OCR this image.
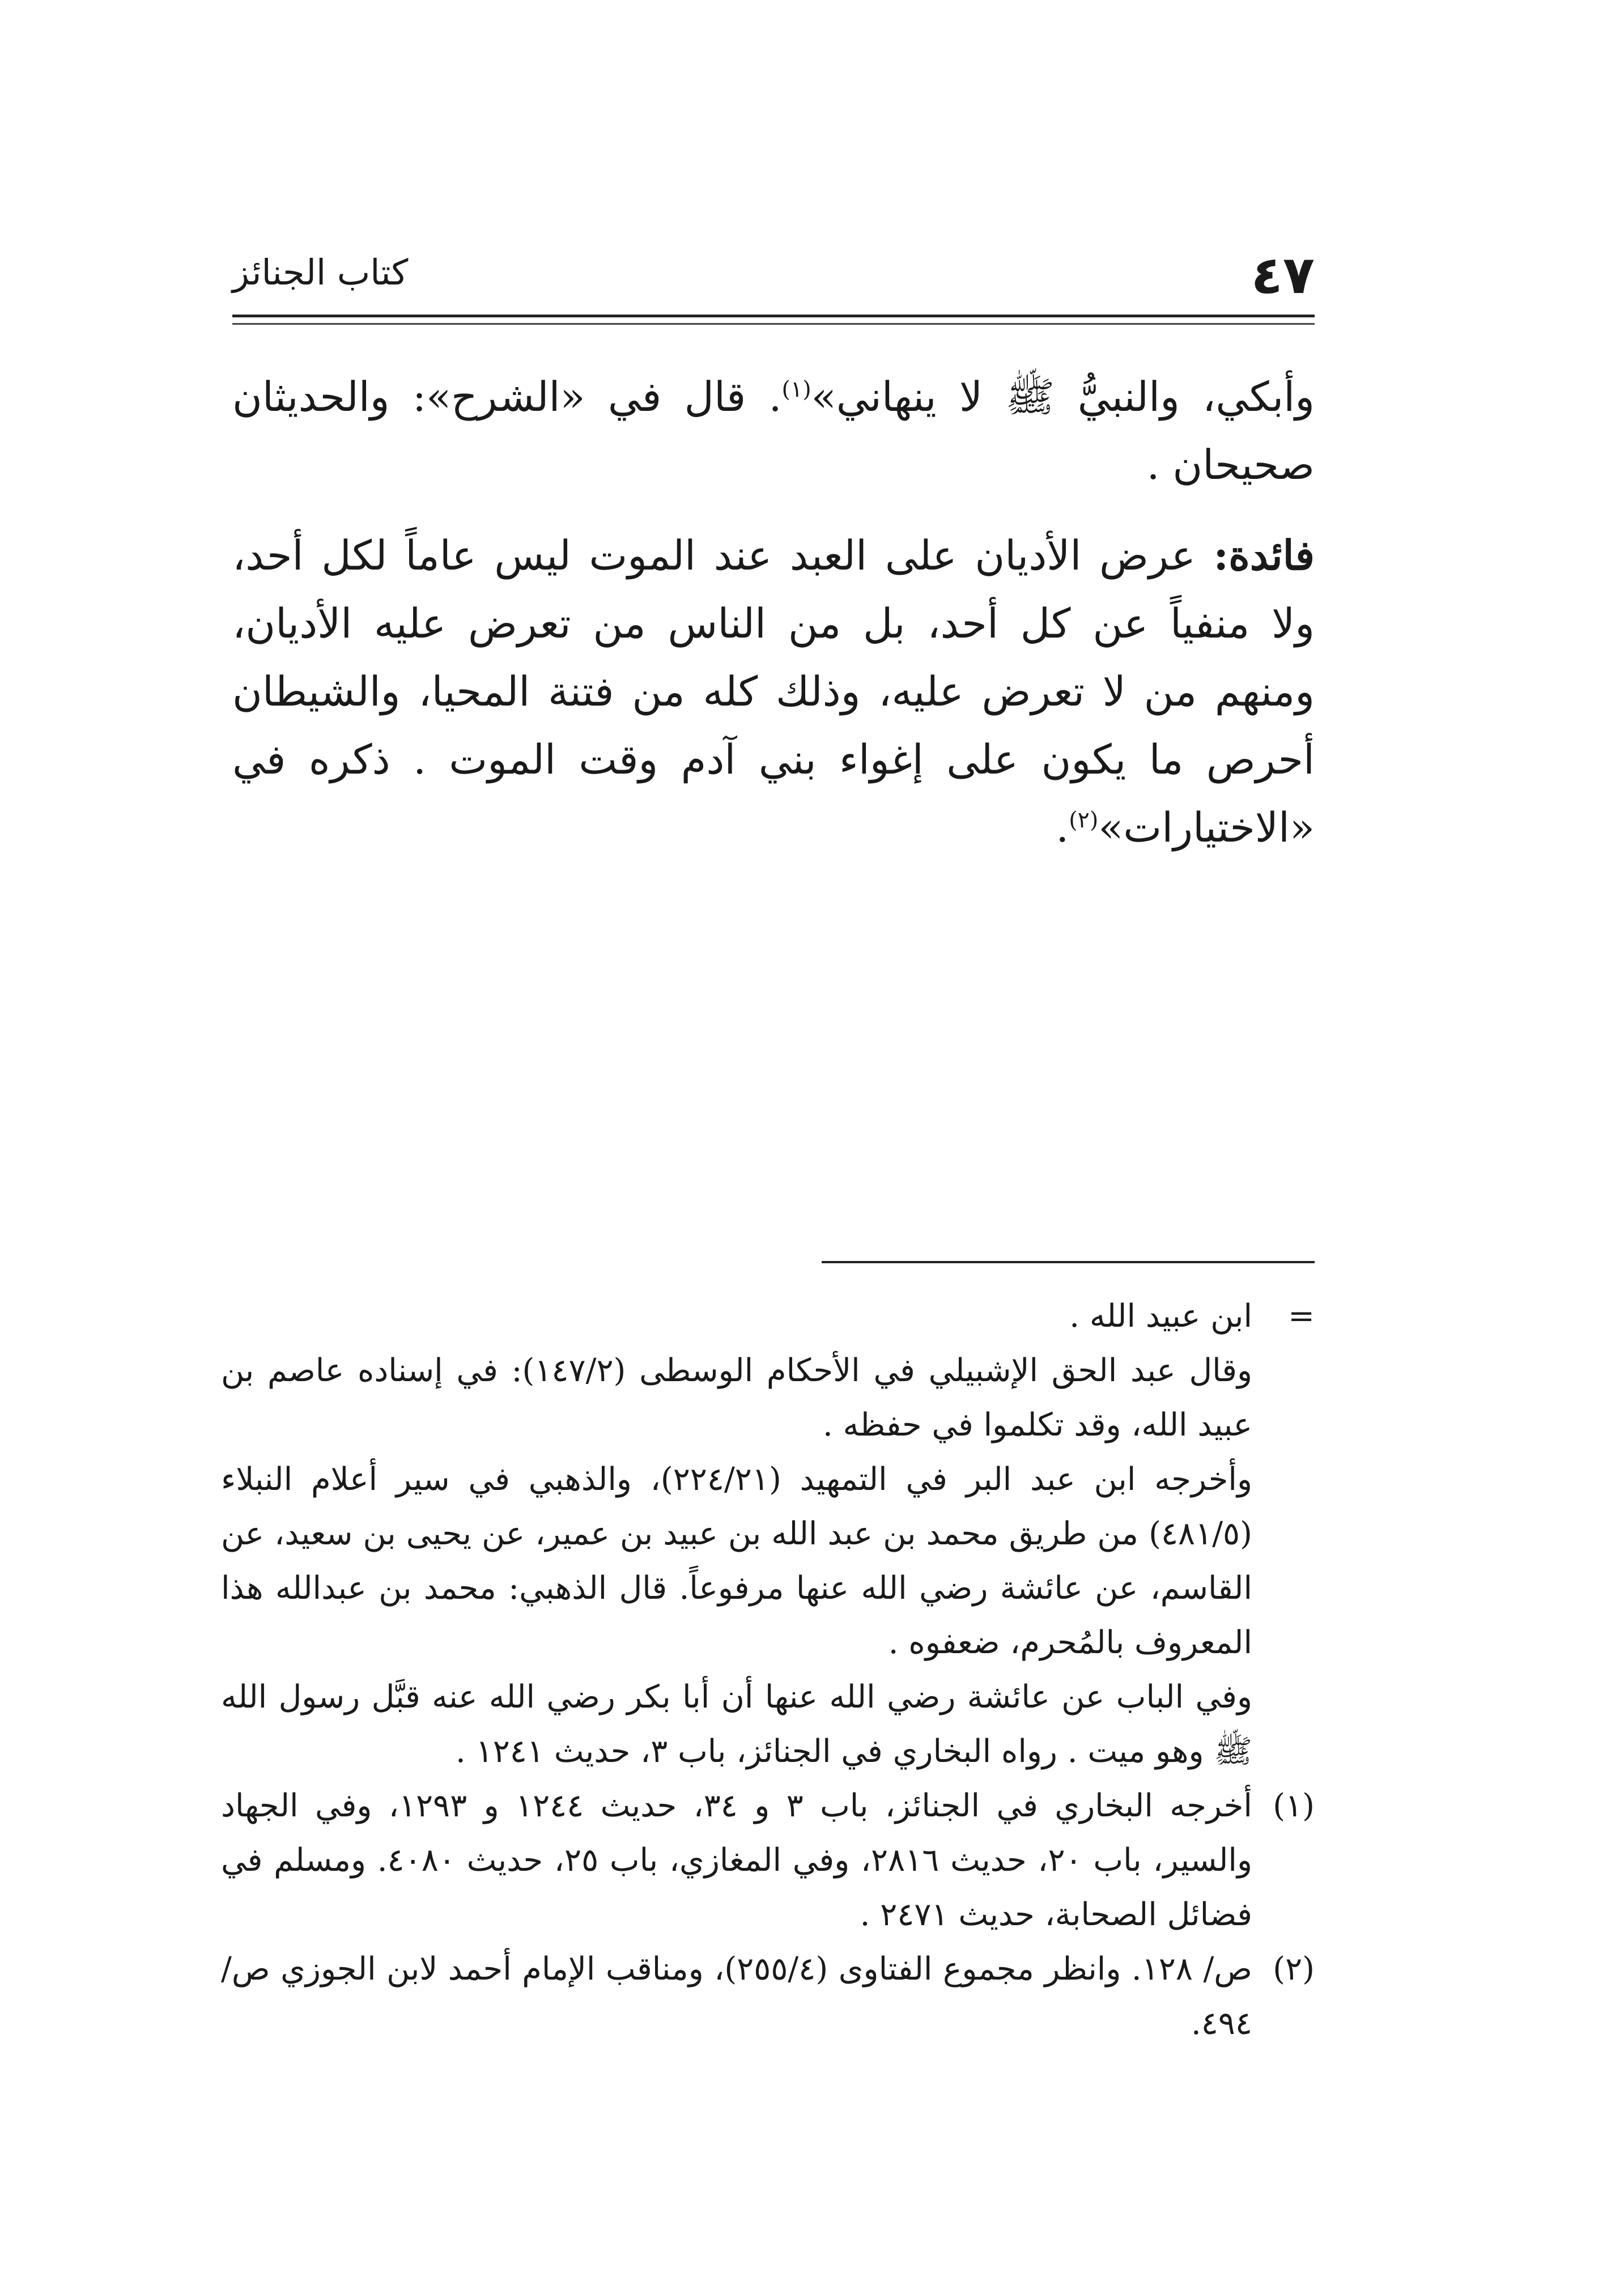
٤٧
كتاب الجنائز

وأبكي، والنبيُّ ﷺ لا ينهاني»$^{(١)}$. قال في «الشرح»: والحديثان صحيحان .

فائدة: عرض الأديان على العبد عند الموت ليس عاماً لكل أحد، ولا منفياً عن كل أحد، بل من الناس من تعرض عليه الأديان، ومنهم من لا تعرض عليه، وذلك كله من فتنة المحيا، والشيطان أحرص ما يكون على إغواء بني آدم وقت الموت . ذكره في «الاختيارات»$^{(٢)}$.

=
ابن عبيد الله .
وقال عبد الحق الإشبيلي في الأحكام الوسطى (١٤٧/٢): في إسناده عاصم بن عبيد الله، وقد تكلموا في حفظه .
وأخرجه ابن عبد البر في التمهيد (٢٢٤/٢١)، والذهبي في سير أعلام النبلاء (٤٨١/٥) من طريق محمد بن عبد الله بن عبيد بن عمير، عن يحيى بن سعيد، عن القاسم، عن عائشة رضي الله عنها مرفوعاً. قال الذهبي: محمد بن عبدالله هذا المعروف بالمُحرم، ضعفوه .
وفي الباب عن عائشة رضي الله عنها أن أبا بكر رضي الله عنه قبَّل رسول الله ﷺ وهو ميت . رواه البخاري في الجنائز، باب ٣، حديث ١٢٤١ .
(١)
أخرجه البخاري في الجنائز، باب ٣ و ٣٤، حديث ١٢٤٤ و ١٢٩٣، وفي الجهاد والسير، باب ٢٠، حديث ٢٨١٦، وفي المغازي، باب ٢٥، حديث ٤٠٨٠. ومسلم في فضائل الصحابة، حديث ٢٤٧١ .
(٢)
ص/ ١٢٨. وانظر مجموع الفتاوى (٢٥٥/٤)، ومناقب الإمام أحمد لابن الجوزي ص/ ٤٩٤.
